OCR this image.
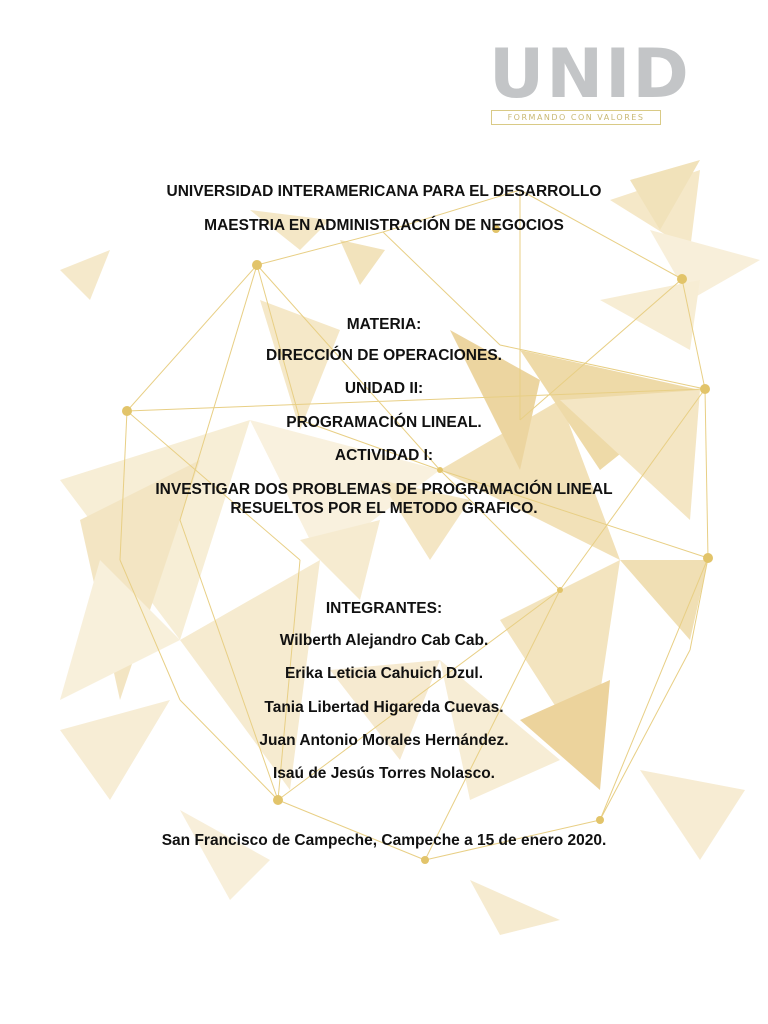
UNID
FORMANDO CON VALORES
UNIVERSIDAD INTERAMERICANA PARA EL DESARROLLO
MAESTRIA EN ADMINISTRACIÓN DE NEGOCIOS
MATERIA:
DIRECCIÓN DE OPERACIONES.
UNIDAD II:
PROGRAMACIÓN LINEAL.
ACTIVIDAD I:
INVESTIGAR DOS PROBLEMAS DE PROGRAMACIÓN LINEAL
RESUELTOS POR EL METODO GRAFICO.
INTEGRANTES:
Wilberth Alejandro Cab Cab.
Erika Leticia Cahuich Dzul.
Tania Libertad Higareda Cuevas.
Juan Antonio Morales Hernández.
Isaú de Jesús Torres Nolasco.
San Francisco de Campeche, Campeche a 15 de enero 2020.
